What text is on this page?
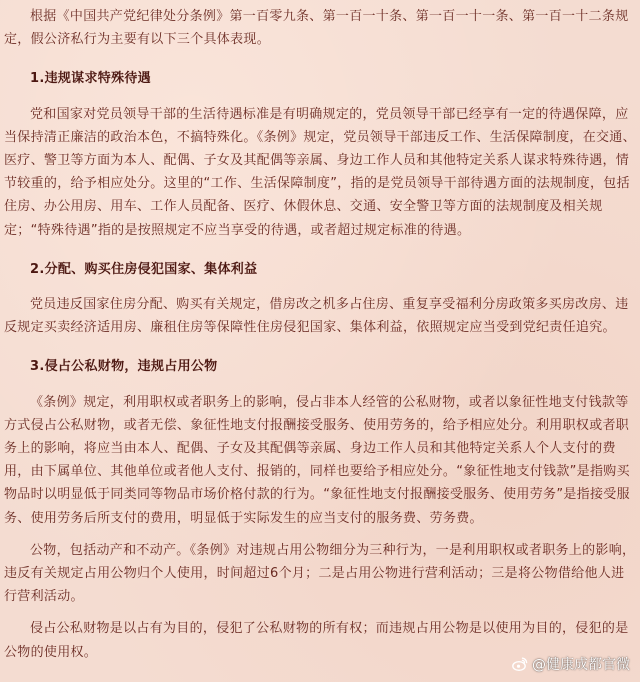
根据《中国共产党纪律处分条例》第一百零九条、第一百一十条、第一百一十一条、第一百一十二条规定，假公济私行为主要有以下三个具体表现。

1.违规谋求特殊待遇

党和国家对党员领导干部的生活待遇标准是有明确规定的，党员领导干部已经享有一定的待遇保障，应当保持清正廉洁的政治本色，不搞特殊化。《条例》规定，党员领导干部违反工作、生活保障制度，在交通、医疗、警卫等方面为本人、配偶、子女及其配偶等亲属、身边工作人员和其他特定关系人谋求特殊待遇，情节较重的，给予相应处分。这里的“工作、生活保障制度”，指的是党员领导干部待遇方面的法规制度，包括住房、办公用房、用车、工作人员配备、医疗、休假休息、交通、安全警卫等方面的法规制度及相关规定；“特殊待遇”指的是按照规定不应当享受的待遇，或者超过规定标准的待遇。

2.分配、购买住房侵犯国家、集体利益

党员违反国家住房分配、购买有关规定，借房改之机多占住房、重复享受福利分房政策多买房改房、违反规定买卖经济适用房、廉租住房等保障性住房侵犯国家、集体利益，依照规定应当受到党纪责任追究。

3.侵占公私财物，违规占用公物

《条例》规定，利用职权或者职务上的影响，侵占非本人经管的公私财物，或者以象征性地支付钱款等方式侵占公私财物，或者无偿、象征性地支付报酬接受服务、使用劳务的，给予相应处分。利用职权或者职务上的影响，将应当由本人、配偶、子女及其配偶等亲属、身边工作人员和其他特定关系人个人支付的费用，由下属单位、其他单位或者他人支付、报销的，同样也要给予相应处分。“象征性地支付钱款”是指购买物品时以明显低于同类同等物品市场价格付款的行为。“象征性地支付报酬接受服务、使用劳务”是指接受服务、使用劳务后所支付的费用，明显低于实际发生的应当支付的服务费、劳务费。

公物，包括动产和不动产。《条例》对违规占用公物细分为三种行为，一是利用职权或者职务上的影响，违反有关规定占用公物归个人使用，时间超过6个月；二是占用公物进行营利活动；三是将公物借给他人进行营利活动。

侵占公私财物是以占有为目的，侵犯了公私财物的所有权；而违规占用公物是以使用为目的，侵犯的是公物的使用权。

@健康成都官微
